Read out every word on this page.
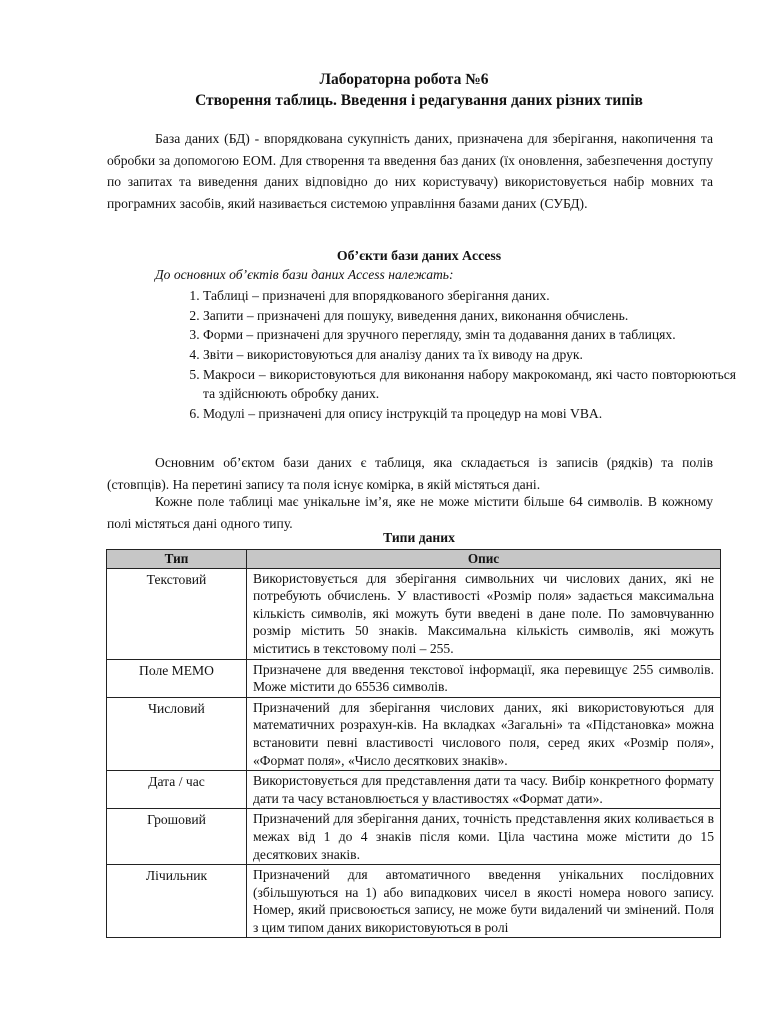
Лабораторна робота №6
Створення таблиць. Введення і редагування даних різних типів

База даних (БД) - впорядкована сукупність даних, призначена для зберігання, накопичення та обробки за допомогою ЕОМ. Для створення та введення баз даних (їх оновлення, забезпечення доступу по запитах та виведення даних відповідно до них користувачу) використовується набір мовних та програмних засобів, який називається системою управління базами даних (СУБД).

Об’єкти бази даних Access
До основних об’єктів бази даних Access належать:
1. Таблиці – призначені для впорядкованого зберігання даних.
2. Запити – призначені для пошуку, виведення даних, виконання обчислень.
3. Форми – призначені для зручного перегляду, змін та додавання даних в таблицях.
4. Звіти – використовуються для аналізу даних та їх виводу на друк.
5. Макроси – використовуються для виконання набору макрокоманд, які часто повторюються та здійснюють обробку даних.
6. Модулі – призначені для опису інструкцій та процедур на мові VBA.

Основним об’єктом бази даних є таблиця, яка складається із записів (рядків) та полів (стовпців). На перетині запису та поля існує комірка, в якій містяться дані.

Кожне поле таблиці має унікальне ім’я, яке не може містити більше 64 символів. В кожному полі містяться дані одного типу.

Типи даних
Тип	Опис
Текстовий	Використовується для зберігання символьних чи числових даних, які не потребують обчислень. У властивості «Розмір поля» задається максимальна кількість символів, які можуть бути введені в дане поле. По замовчуванню розмір містить 50 знаків. Максимальна кількість символів, які можуть міститись в текстовому полі – 255.
Поле МЕМО	Призначене для введення текстової інформації, яка перевищує 255 символів. Може містити до 65536 символів.
Числовий	Призначений для зберігання числових даних, які використовуються для математичних розрахун-ків. На вкладках «Загальні» та «Підстановка» можна встановити певні властивості числового поля, серед яких «Розмір поля», «Формат поля», «Число десяткових знаків».
Дата / час	Використовується для представлення дати та часу. Вибір конкретного формату дати та часу встановлюється у властивостях «Формат дати».
Грошовий	Призначений для зберігання даних, точність представлення яких коливається в межах від 1 до 4 знаків після коми. Ціла частина може містити до 15 десяткових знаків.
Лічильник	Призначений для автоматичного введення унікальних послідовних (збільшуються на 1) або випадкових чисел в якості номера нового запису. Номер, який присвоюється запису, не може бути видалений чи змінений. Поля з цим типом даних використовуються в ролі
